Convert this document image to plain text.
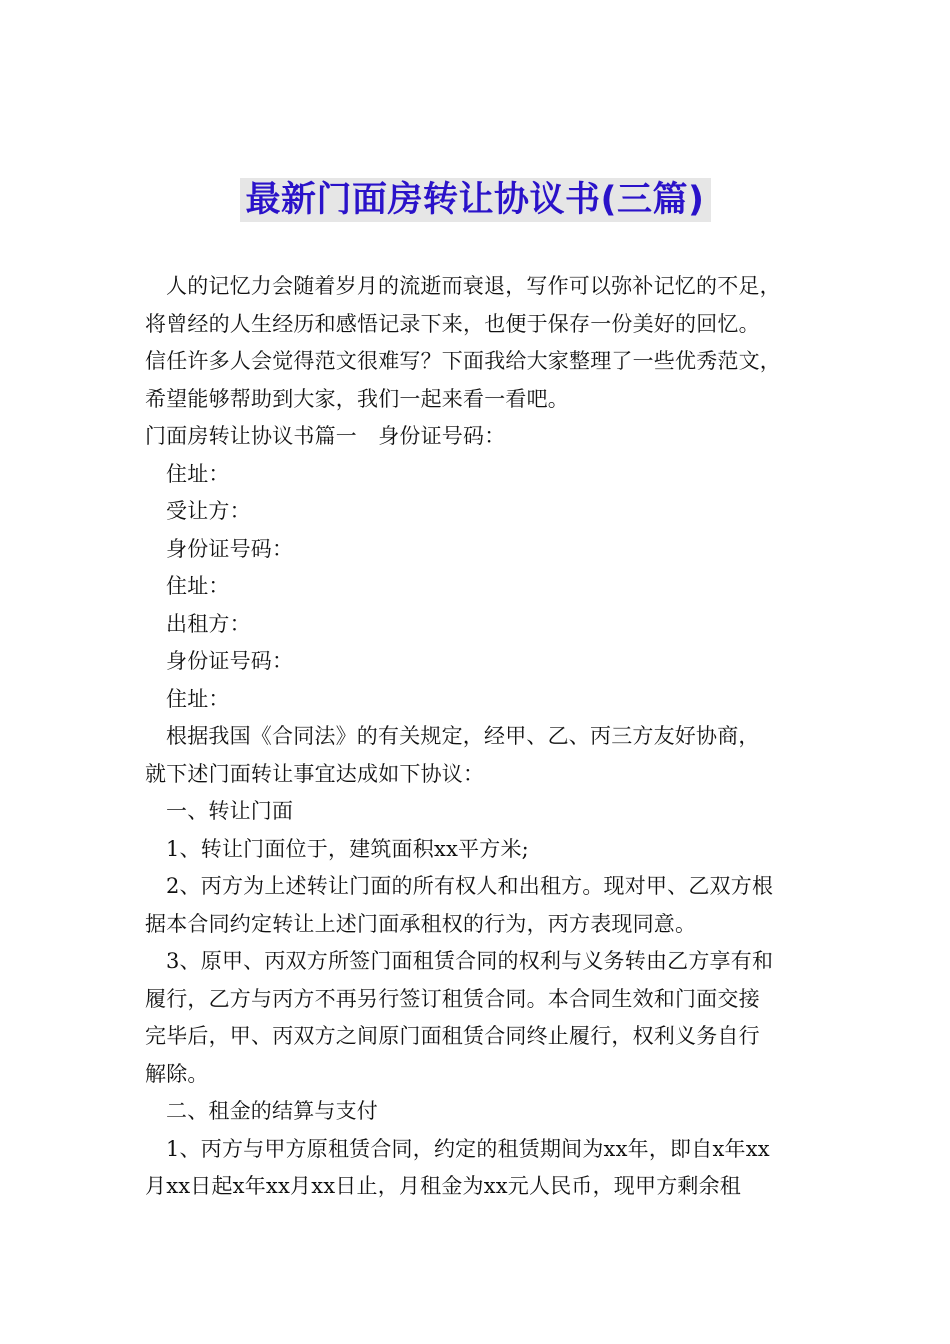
最新门面房转让协议书(三篇)
人的记忆力会随着岁月的流逝而衰退，写作可以弥补记忆的不足，
将曾经的人生经历和感悟记录下来，也便于保存一份美好的回忆。
信任许多人会觉得范文很难写？下面我给大家整理了一些优秀范文，
希望能够帮助到大家，我们一起来看一看吧。
门面房转让协议书篇一　身份证号码：
住址：
受让方：
身份证号码：
住址：
出租方：
身份证号码：
住址：
根据我国《合同法》的有关规定，经甲、乙、丙三方友好协商，
就下述门面转让事宜达成如下协议：
一、转让门面
1、转让门面位于，建筑面积xx平方米;
2、丙方为上述转让门面的所有权人和出租方。现对甲、乙双方根
据本合同约定转让上述门面承租权的行为，丙方表现同意。
3、原甲、丙双方所签门面租赁合同的权利与义务转由乙方享有和
履行，乙方与丙方不再另行签订租赁合同。本合同生效和门面交接
完毕后，甲、丙双方之间原门面租赁合同终止履行，权利义务自行
解除。
二、租金的结算与支付
1、丙方与甲方原租赁合同，约定的租赁期间为xx年，即自x年xx
月xx日起x年xx月xx日止，月租金为xx元人民币，现甲方剩余租
